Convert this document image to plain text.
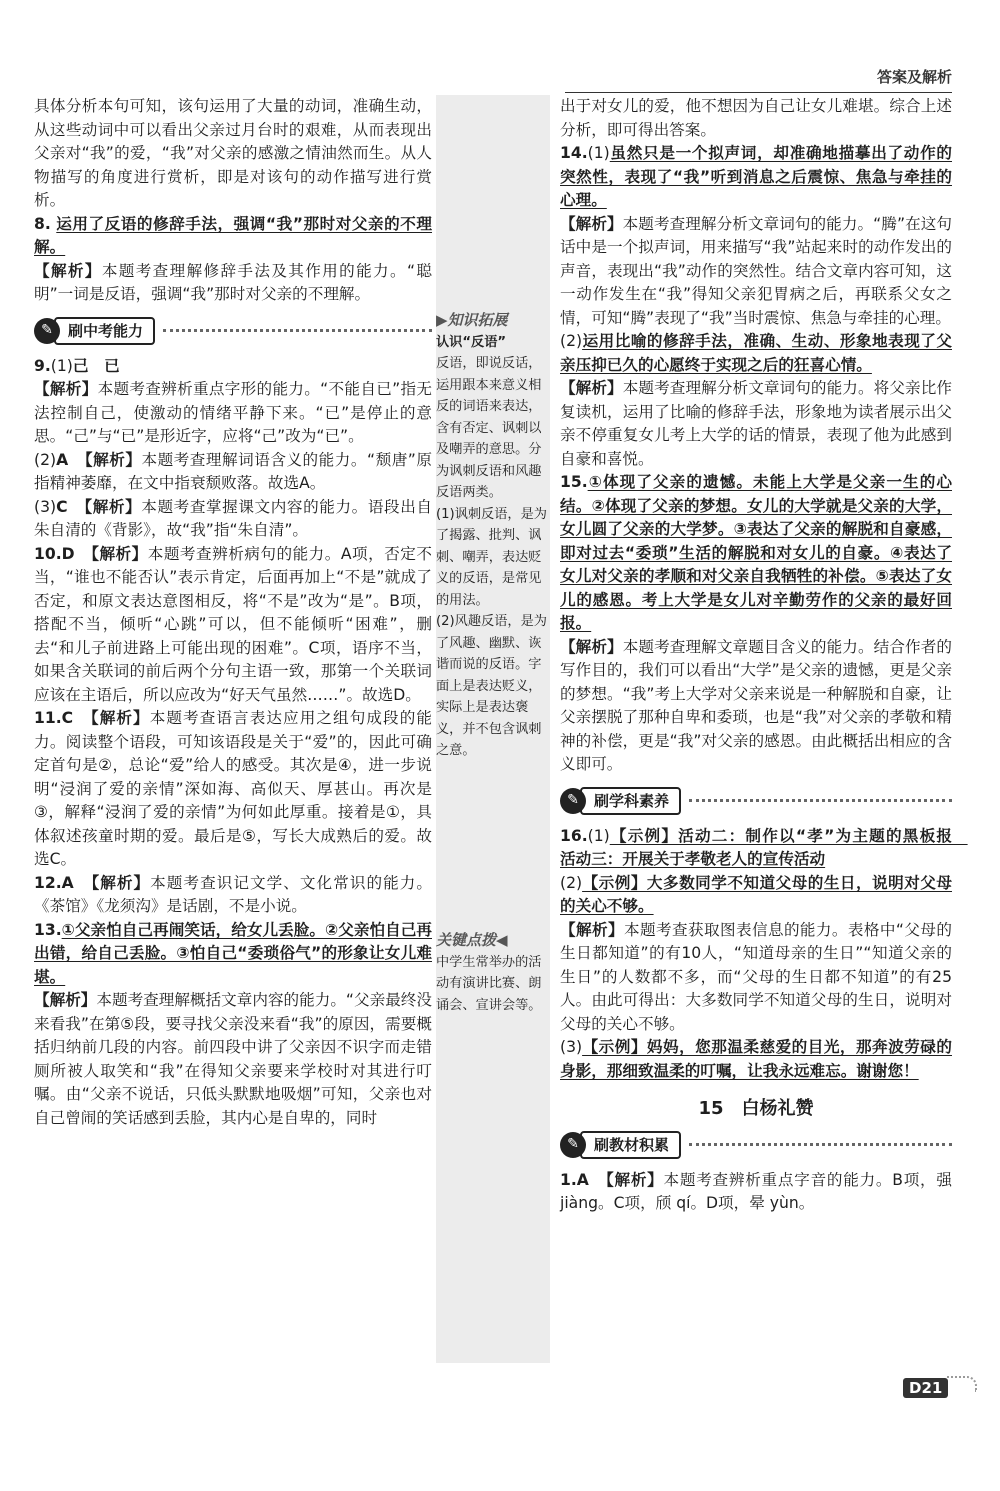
答案及解析

具体分析本句可知，该句运用了大量的动词，准确生动，从这些动词中可以看出父亲过月台时的艰难，从而表现出父亲对“我”的爱，“我”对父亲的感激之情油然而生。从人物描写的角度进行赏析，即是对该句的动作描写进行赏析。

8. 运用了反语的修辞手法，强调“我”那时对父亲的不理解。
【解析】本题考查理解修辞手法及其作用的能力。“聪明”一词是反语，强调“我”那时对父亲的不理解。

✎	刷中考能力

9.(1)己　已
【解析】本题考查辨析重点字形的能力。“不能自已”指无法控制自己，使激动的情绪平静下来。“已”是停止的意思。“己”与“已”是形近字，应将“己”改为“已”。
(2)A　 【解析】本题考查理解词语含义的能力。“颓唐”原指精神萎靡，在文中指衰颓败落。故选A。
(3)C　 【解析】本题考查掌握课文内容的能力。语段出自朱自清的《背影》，故“我”指“朱自清”。

10.D　 【解析】本题考查辨析病句的能力。A项，否定不当，“谁也不能否认”表示肯定，后面再加上“不是”就成了否定，和原文表达意图相反，将“不是”改为“是”。B项，搭配不当，倾听“心跳”可以，但不能倾听“困难”，删去“和儿子前进路上可能出现的困难”。C项，语序不当，如果含关联词的前后两个分句主语一致，那第一个关联词应该在主语后，所以应改为“好天气虽然……”。故选D。

11.C　 【解析】本题考查语言表达应用之组句成段的能力。阅读整个语段，可知该语段是关于“爱”的，因此可确定首句是②，总论“爱”给人的感受。其次是④，进一步说明“浸润了爱的亲情”深如海、高似天、厚甚山。再次是③，解释“浸润了爱的亲情”为何如此厚重。接着是①，具体叙述孩童时期的爱。最后是⑤，写长大成熟后的爱。故选C。

12.A　 【解析】本题考查识记文学、文化常识的能力。《茶馆》《龙须沟》是话剧，不是小说。

13.①父亲怕自己再闹笑话，给女儿丢脸。②父亲怕自己再出错，给自己丢脸。③怕自己“委琐俗气”的形象让女儿难堪。
【解析】本题考查理解概括文章内容的能力。“父亲最终没来看我”在第⑤段，要寻找父亲没来看“我”的原因，需要概括归纳前几段的内容。前四段中讲了父亲因不识字而走错厕所被人取笑和“我”在得知父亲要来学校时对其进行叮嘱。由“父亲不说话，只低头默默地吸烟”可知，父亲也对自己曾闹的笑话感到丢脸，其内心是自卑的，同时

▶知识拓展

认识“反语”

反语，即说反话，运用跟本来意义相反的词语来表达，含有否定、讽刺以及嘲弄的意思。分为讽刺反语和风趣反语两类。

(1)讽刺反语，是为了揭露、批判、讽刺、嘲弄，表达贬义的反语，是常见的用法。

(2)风趣反语，是为了风趣、幽默、诙谐而说的反语。字面上是表达贬义，实际上是表达褒义，并不包含讽刺之意。

关键点拨◀

中学生常举办的活动有演讲比赛、朗诵会、宣讲会等。

出于对女儿的爱，他不想因为自己让女儿难堪。综合上述分析，即可得出答案。

14.(1)虽然只是一个拟声词，却准确地描摹出了动作的突然性，表现了“我”听到消息之后震惊、焦急与牵挂的心理。
【解析】本题考查理解分析文章词句的能力。“腾”在这句话中是一个拟声词，用来描写“我”站起来时的动作发出的声音，表现出“我”动作的突然性。结合文章内容可知，这一动作发生在“我”得知父亲犯胃病之后，再联系父女之情，可知“腾”表现了“我”当时震惊、焦急与牵挂的心理。
(2)运用比喻的修辞手法，准确、生动、形象地表现了父亲压抑已久的心愿终于实现之后的狂喜心情。
【解析】本题考查理解分析文章词句的能力。将父亲比作复读机，运用了比喻的修辞手法，形象地为读者展示出父亲不停重复女儿考上大学的话的情景，表现了他为此感到自豪和喜悦。

15.①体现了父亲的遗憾。未能上大学是父亲一生的心结。②体现了父亲的梦想。女儿的大学就是父亲的大学，女儿圆了父亲的大学梦。③表达了父亲的解脱和自豪感，即对过去“委琐”生活的解脱和对女儿的自豪。④表达了女儿对父亲的孝顺和对父亲自我牺牲的补偿。⑤表达了女儿的感恩。考上大学是女儿对辛勤劳作的父亲的最好回报。
【解析】本题考查理解文章题目含义的能力。结合作者的写作目的，我们可以看出“大学”是父亲的遗憾，更是父亲的梦想。“我”考上大学对父亲来说是一种解脱和自豪，让父亲摆脱了那种自卑和委琐，也是“我”对父亲的孝敬和精神的补偿，更是“我”对父亲的感恩。由此概括出相应的含义即可。

✎	刷学科素养

16.(1)【示例】活动二：制作以“孝”为主题的黑板报　活动三：开展关于孝敬老人的宣传活动
(2)【示例】大多数同学不知道父母的生日，说明对父母的关心不够。
【解析】本题考查获取图表信息的能力。表格中“父母的生日都知道”的有10人，“知道母亲的生日”“知道父亲的生日”的人数都不多，而“父母的生日都不知道”的有25人。由此可得出：大多数同学不知道父母的生日，说明对父母的关心不够。
(3)【示例】妈妈，您那温柔慈爱的目光，那奔波劳碌的身影，那细致温柔的叮嘱，让我永远难忘。谢谢您！

15　 白杨礼赞
✎	刷教材积累

1.A　 【解析】本题考查辨析重点字音的能力。B项，强 jiàng。C项，颀 qí。D项，晕 yùn。

D21
